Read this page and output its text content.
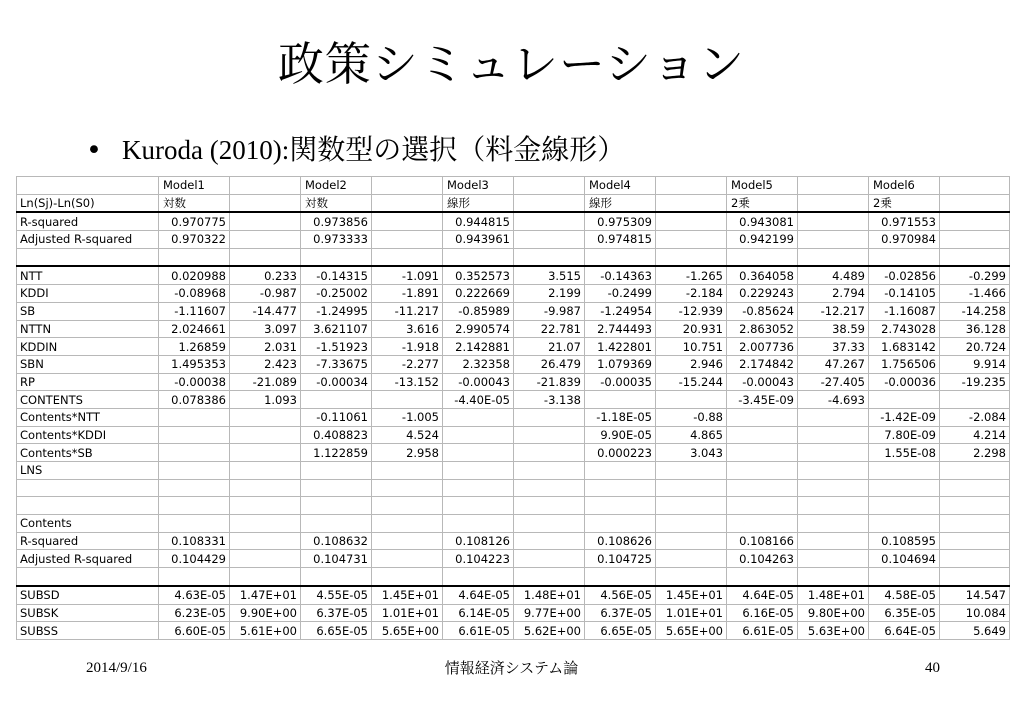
政策シミュレーション
• Kuroda (2010):関数型の選択（料金線形）
	Model1		Model2		Model3		Model4		Model5		Model6	
Ln(Sj)-Ln(S0)	対数		対数		線形		線形		2乗		2乗	
R-squared	0.970775		0.973856		0.944815		0.975309		0.943081		0.971553	
Adjusted R-squared	0.970322		0.973333		0.943961		0.974815		0.942199		0.970984	

NTT	0.020988	0.233	-0.14315	-1.091	0.352573	3.515	-0.14363	-1.265	0.364058	4.489	-0.02856	-0.299
KDDI	-0.08968	-0.987	-0.25002	-1.891	0.222669	2.199	-0.2499	-2.184	0.229243	2.794	-0.14105	-1.466
SB	-1.11607	-14.477	-1.24995	-11.217	-0.85989	-9.987	-1.24954	-12.939	-0.85624	-12.217	-1.16087	-14.258
NTTN	2.024661	3.097	3.621107	3.616	2.990574	22.781	2.744493	20.931	2.863052	38.59	2.743028	36.128
KDDIN	1.26859	2.031	-1.51923	-1.918	2.142881	21.07	1.422801	10.751	2.007736	37.33	1.683142	20.724
SBN	1.495353	2.423	-7.33675	-2.277	2.32358	26.479	1.079369	2.946	2.174842	47.267	1.756506	9.914
RP	-0.00038	-21.089	-0.00034	-13.152	-0.00043	-21.839	-0.00035	-15.244	-0.00043	-27.405	-0.00036	-19.235
CONTENTS	0.078386	1.093			-4.40E-05	-3.138			-3.45E-09	-4.693		
Contents*NTT			-0.11061	-1.005			-1.18E-05	-0.88			-1.42E-09	-2.084
Contents*KDDI			0.408823	4.524			9.90E-05	4.865			7.80E-09	4.214
Contents*SB			1.122859	2.958			0.000223	3.043			1.55E-08	2.298
LNS												

Contents												
R-squared	0.108331		0.108632		0.108126		0.108626		0.108166		0.108595	
Adjusted R-squared	0.104429		0.104731		0.104223		0.104725		0.104263		0.104694	

SUBSD	4.63E-05	1.47E+01	4.55E-05	1.45E+01	4.64E-05	1.48E+01	4.56E-05	1.45E+01	4.64E-05	1.48E+01	4.58E-05	14.547
SUBSK	6.23E-05	9.90E+00	6.37E-05	1.01E+01	6.14E-05	9.77E+00	6.37E-05	1.01E+01	6.16E-05	9.80E+00	6.35E-05	10.084
SUBSS	6.60E-05	5.61E+00	6.65E-05	5.65E+00	6.61E-05	5.62E+00	6.65E-05	5.65E+00	6.61E-05	5.63E+00	6.64E-05	5.649
2014/9/16	情報経済システム論	40
